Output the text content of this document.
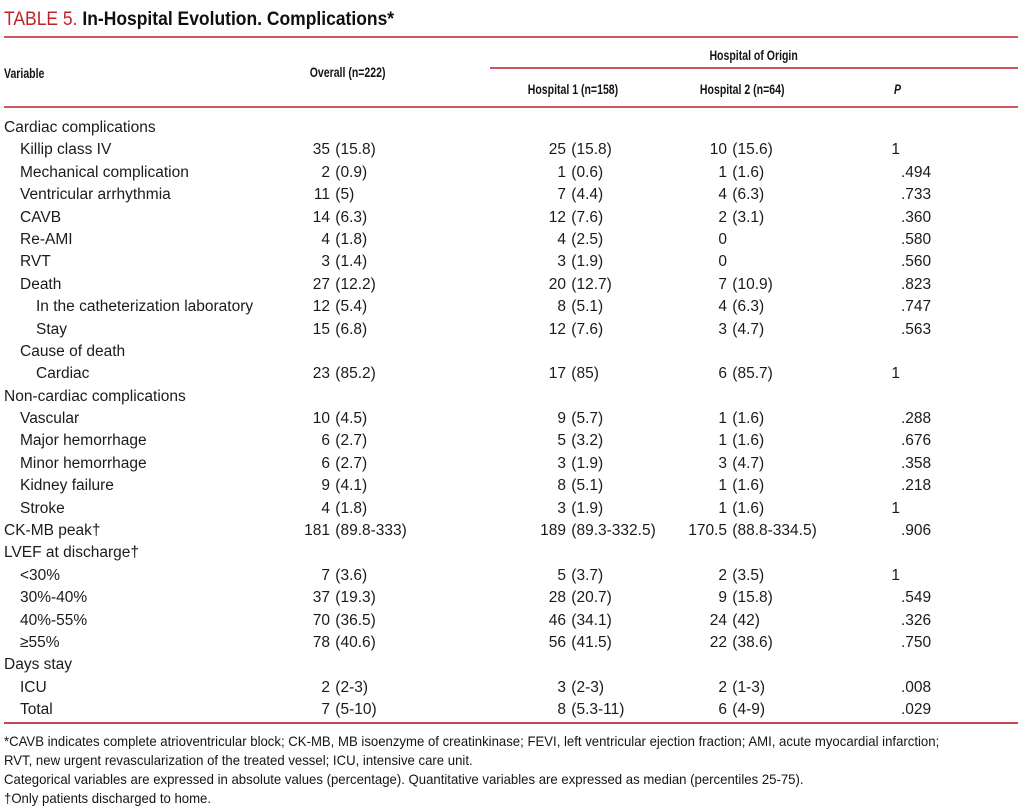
TABLE 5. In-Hospital Evolution. Complications*
Variable	Overall (n=222)
Hospital of Origin
Hospital 1 (n=158)	Hospital 2 (n=64)	P
Cardiac complications
Killip class IV	35 (15.8)	25 (15.8)	10 (15.6)	1
Mechanical complication	2 (0.9)	1 (0.6)	1 (1.6)	.494
Ventricular arrhythmia	11 (5)	7 (4.4)	4 (6.3)	.733
CAVB	14 (6.3)	12 (7.6)	2 (3.1)	.360
Re-AMI	4 (1.8)	4 (2.5)	0	.580
RVT	3 (1.4)	3 (1.9)	0	.560
Death	27 (12.2)	20 (12.7)	7 (10.9)	.823
In the catheterization laboratory	12 (5.4)	8 (5.1)	4 (6.3)	.747
Stay	15 (6.8)	12 (7.6)	3 (4.7)	.563
Cause of death
Cardiac	23 (85.2)	17 (85)	6 (85.7)	1
Non-cardiac complications
Vascular	10 (4.5)	9 (5.7)	1 (1.6)	.288
Major hemorrhage	6 (2.7)	5 (3.2)	1 (1.6)	.676
Minor hemorrhage	6 (2.7)	3 (1.9)	3 (4.7)	.358
Kidney failure	9 (4.1)	8 (5.1)	1 (1.6)	.218
Stroke	4 (1.8)	3 (1.9)	1 (1.6)	1
CK-MB peak†	181 (89.8-333)	189 (89.3-332.5)	170.5 (88.8-334.5)	.906
LVEF at discharge†
<30%	7 (3.6)	5 (3.7)	2 (3.5)	1
30%-40%	37 (19.3)	28 (20.7)	9 (15.8)	.549
40%-55%	70 (36.5)	46 (34.1)	24 (42)	.326
≥55%	78 (40.6)	56 (41.5)	22 (38.6)	.750
Days stay
ICU	2 (2-3)	3 (2-3)	2 (1-3)	.008
Total	7 (5-10)	8 (5.3-11)	6 (4-9)	.029
*CAVB indicates complete atrioventricular block; CK-MB, MB isoenzyme of creatinkinase; FEVI, left ventricular ejection fraction; AMI, acute myocardial infarction;
RVT, new urgent revascularization of the treated vessel; ICU, intensive care unit.
Categorical variables are expressed in absolute values (percentage). Quantitative variables are expressed as median (percentiles 25-75).
†Only patients discharged to home.
